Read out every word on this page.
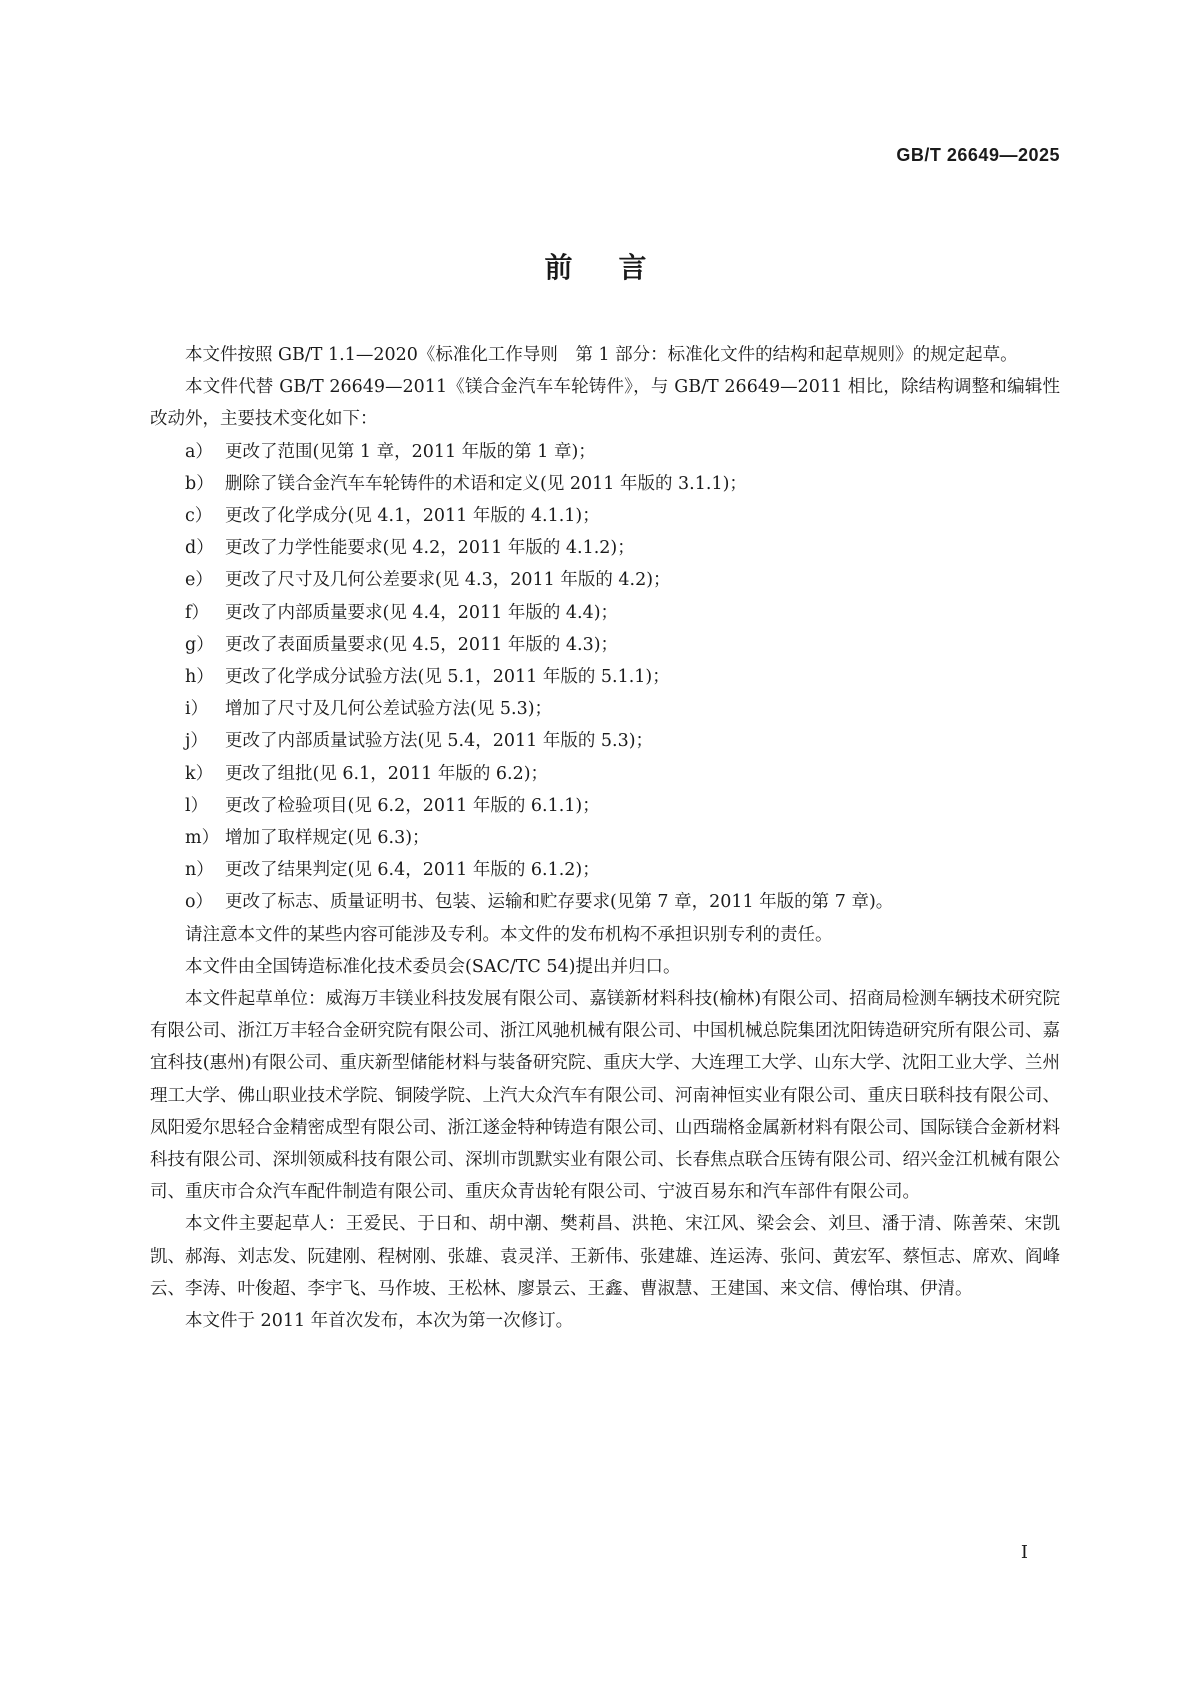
GB/T 26649—2025
前言

本文件按照 GB/T 1.1—2020《标准化工作导则　第 1 部分：标准化文件的结构和起草规则》的规定起草。

本文件代替 GB/T 26649—2011《镁合金汽车车轮铸件》，与 GB/T 26649—2011 相比，除结构调整和编辑性改动外，主要技术变化如下：

a） 更改了范围(见第 1 章，2011 年版的第 1 章)；

b） 删除了镁合金汽车车轮铸件的术语和定义(见 2011 年版的 3.1.1)；

c） 更改了化学成分(见 4.1，2011 年版的 4.1.1)；

d） 更改了力学性能要求(见 4.2，2011 年版的 4.1.2)；

e） 更改了尺寸及几何公差要求(见 4.3，2011 年版的 4.2)；

f） 更改了内部质量要求(见 4.4，2011 年版的 4.4)；

g） 更改了表面质量要求(见 4.5，2011 年版的 4.3)；

h） 更改了化学成分试验方法(见 5.1，2011 年版的 5.1.1)；

i） 增加了尺寸及几何公差试验方法(见 5.3)；

j） 更改了内部质量试验方法(见 5.4，2011 年版的 5.3)；

k） 更改了组批(见 6.1，2011 年版的 6.2)；

l） 更改了检验项目(见 6.2，2011 年版的 6.1.1)；

m） 增加了取样规定(见 6.3)；

n） 更改了结果判定(见 6.4，2011 年版的 6.1.2)；

o） 更改了标志、质量证明书、包装、运输和贮存要求(见第 7 章，2011 年版的第 7 章)。

请注意本文件的某些内容可能涉及专利。本文件的发布机构不承担识别专利的责任。

本文件由全国铸造标准化技术委员会(SAC/TC 54)提出并归口。

本文件起草单位：威海万丰镁业科技发展有限公司、嘉镁新材料科技(榆林)有限公司、招商局检测车辆技术研究院有限公司、浙江万丰轻合金研究院有限公司、浙江风驰机械有限公司、中国机械总院集团沈阳铸造研究所有限公司、嘉宜科技(惠州)有限公司、重庆新型储能材料与装备研究院、重庆大学、大连理工大学、山东大学、沈阳工业大学、兰州理工大学、佛山职业技术学院、铜陵学院、上汽大众汽车有限公司、河南神恒实业有限公司、重庆日联科技有限公司、凤阳爱尔思轻合金精密成型有限公司、浙江遂金特种铸造有限公司、山西瑞格金属新材料有限公司、国际镁合金新材料科技有限公司、深圳领威科技有限公司、深圳市凯默实业有限公司、长春焦点联合压铸有限公司、绍兴金江机械有限公司、重庆市合众汽车配件制造有限公司、重庆众青齿轮有限公司、宁波百易东和汽车部件有限公司。

本文件主要起草人：王爱民、于日和、胡中潮、樊莉昌、洪艳、宋江风、梁会会、刘旦、潘于清、陈善荣、宋凯凯、郝海、刘志发、阮建刚、程树刚、张雄、袁灵洋、王新伟、张建雄、连运涛、张问、黄宏军、蔡恒志、席欢、阎峰云、李涛、叶俊超、李宇飞、马作坡、王松林、廖景云、王鑫、曹淑慧、王建国、来文信、傅怡琪、伊清。

本文件于 2011 年首次发布，本次为第一次修订。

I
